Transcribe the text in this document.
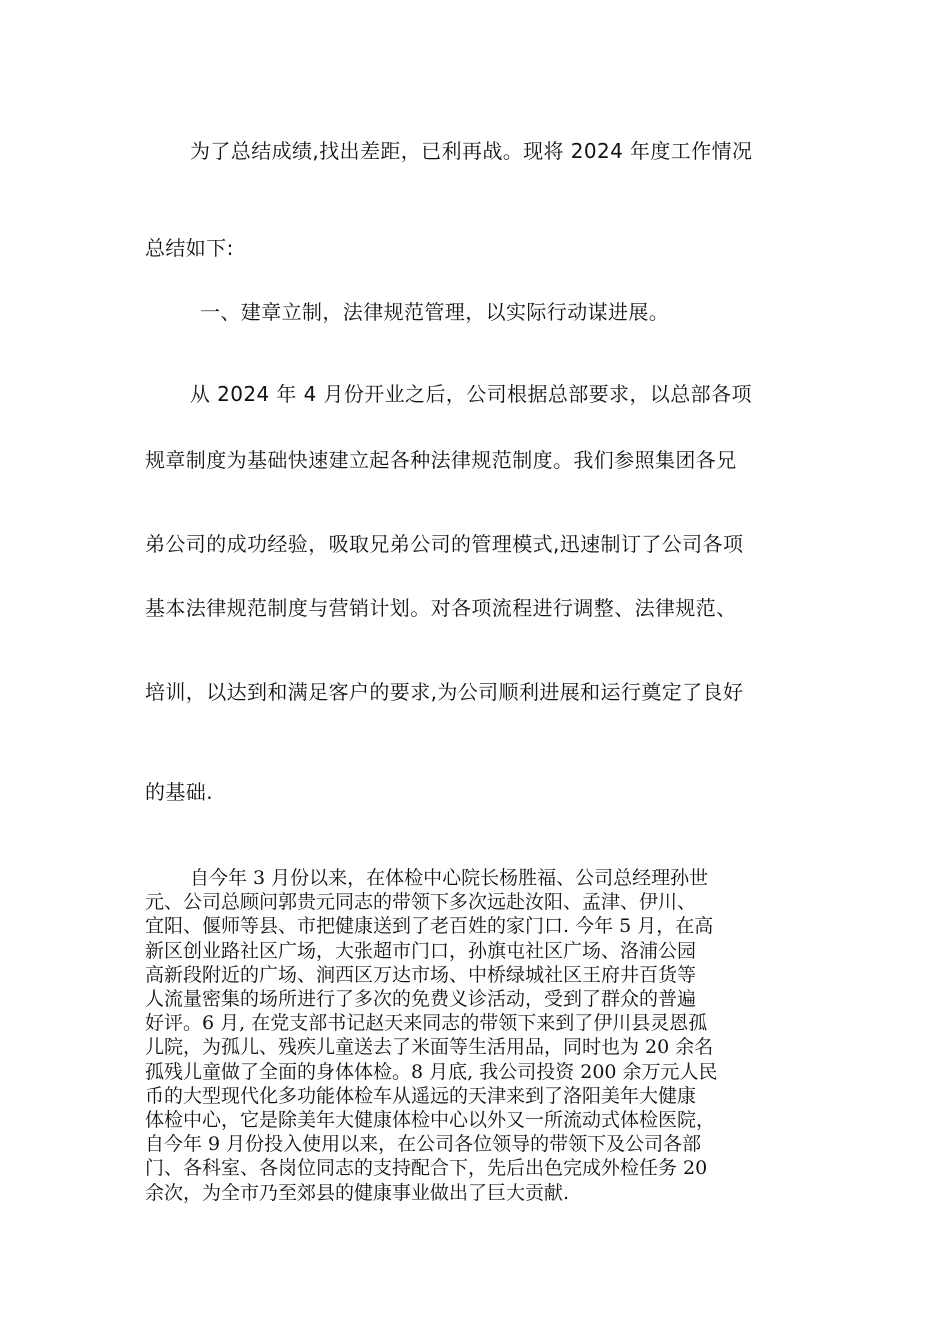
为了总结成绩,找出差距，已利再战。现将 2024 年度工作情况
总结如下:
一、建章立制，法律规范管理，以实际行动谋进展。
从 2024 年 4 月份开业之后，公司根据总部要求，以总部各项
规章制度为基础快速建立起各种法律规范制度。我们参照集团各兄
弟公司的成功经验，吸取兄弟公司的管理模式,迅速制订了公司各项
基本法律规范制度与营销计划。对各项流程进行调整、法律规范、
培训，以达到和满足客户的要求,为公司顺利进展和运行奠定了良好
的基础.
自今年 3 月份以来，在体检中心院长杨胜福、公司总经理孙世
元、公司总顾问郭贵元同志的带领下多次远赴汝阳、孟津、伊川、
宜阳、偃师等县、市把健康送到了老百姓的家门口. 今年 5 月，在高
新区创业路社区广场，大张超市门口，孙旗屯社区广场、洛浦公园
高新段附近的广场、涧西区万达市场、中桥绿城社区王府井百货等
人流量密集的场所进行了多次的免费义诊活动，受到了群众的普遍
好评。6 月, 在党支部书记赵天来同志的带领下来到了伊川县灵恩孤
儿院，为孤儿、残疾儿童送去了米面等生活用品，同时也为 20 余名
孤残儿童做了全面的身体体检。8 月底, 我公司投资 200 余万元人民
币的大型现代化多功能体检车从遥远的天津来到了洛阳美年大健康
体检中心，它是除美年大健康体检中心以外又一所流动式体检医院，
自今年 9 月份投入使用以来，在公司各位领导的带领下及公司各部
门、各科室、各岗位同志的支持配合下，先后出色完成外检任务 20
余次，为全市乃至郊县的健康事业做出了巨大贡献.
